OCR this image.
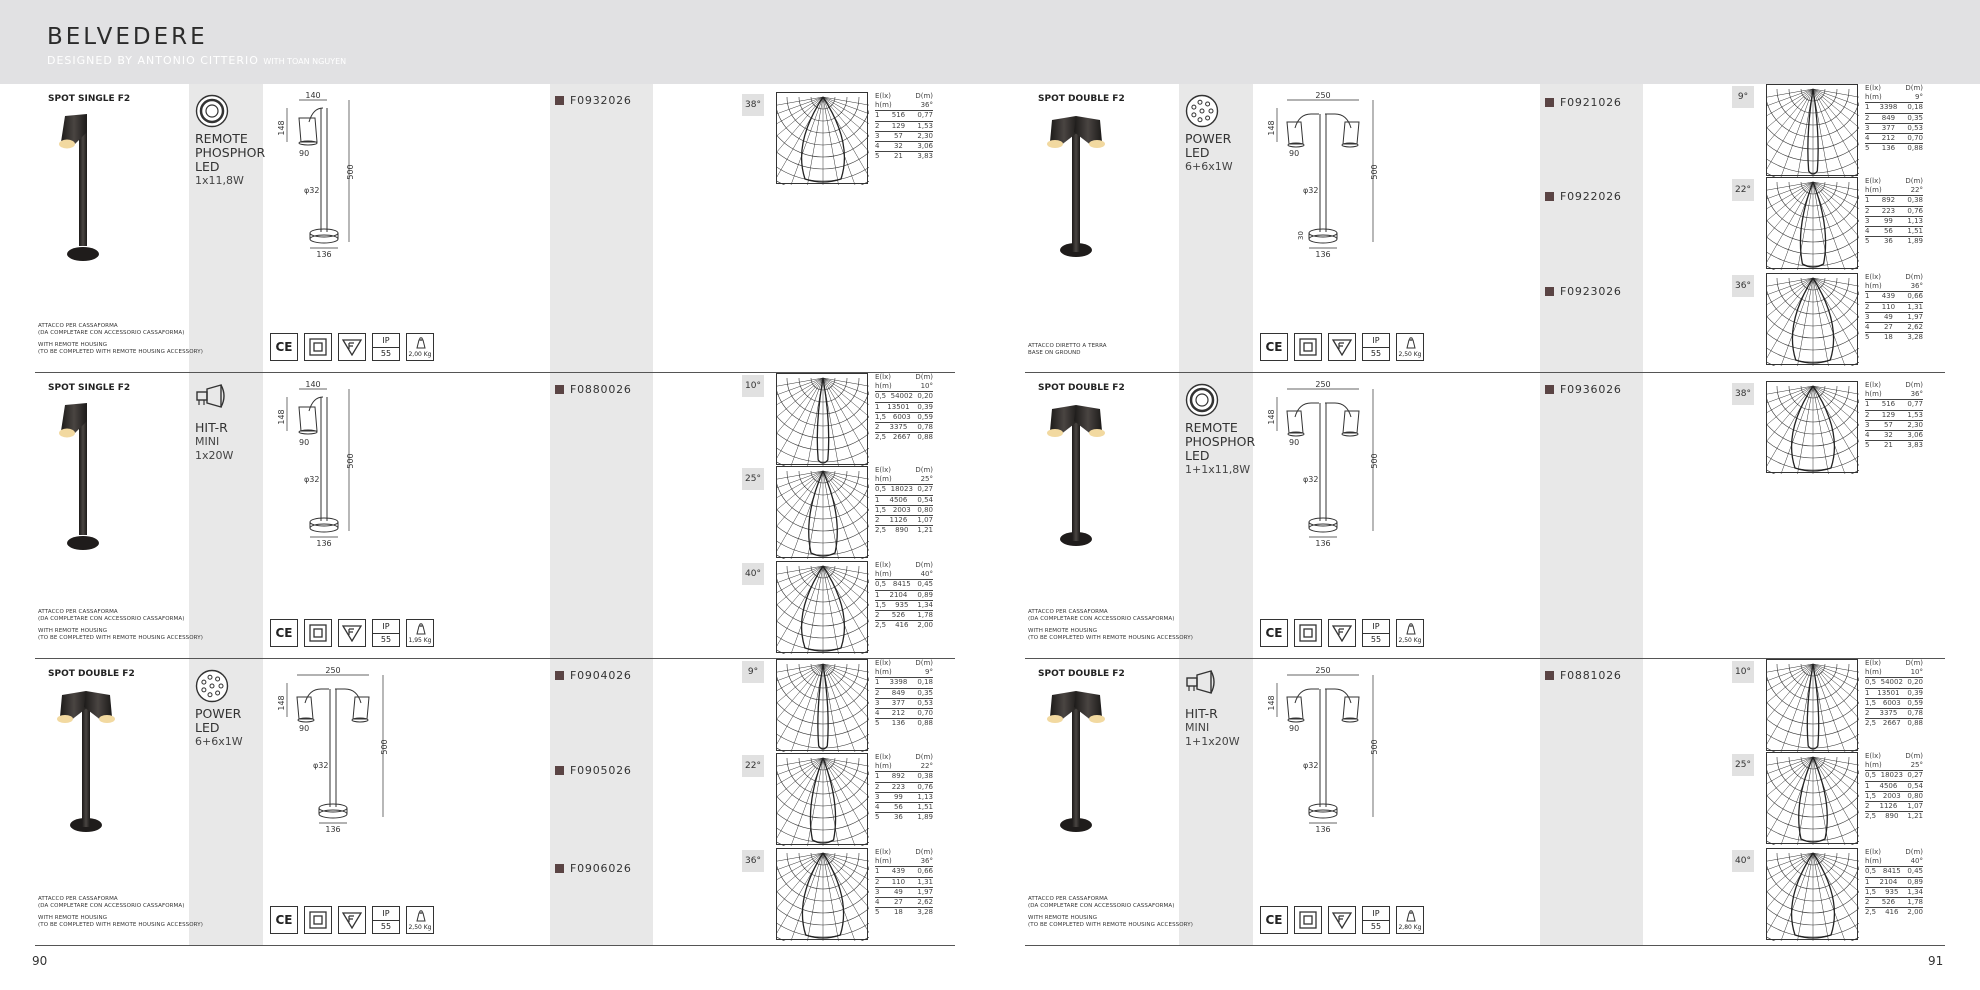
BELVEDERE
DESIGNED BY ANTONIO CITTERIO WITH TOAN NGUYEN
SPOT SINGLE F2
REMOTE
PHOSPHOR
LED
1x11,8W
140
148
90
φ32
136
500
ATTACCO PER CASSAFORMA
(DA COMPLETARE CON ACCESSORIO CASSAFORMA)
WITH REMOTE HOUSING
(TO BE COMPLETED WITH REMOTE HOUSING ACCESSORY)	CE	IP
55	2,00 Kg
F0932026	38°
E(lx)	D(m)
h(m)	36°
1 516 0,77
2 129 1,53
3 57 2,30
4 32 3,06
5 21 3,83
SPOT SINGLE F2
HIT-R
MINI
1x20W
140
148
90
φ32
136
500
ATTACCO PER CASSAFORMA
(DA COMPLETARE CON ACCESSORIO CASSAFORMA)
WITH REMOTE HOUSING
(TO BE COMPLETED WITH REMOTE HOUSING ACCESSORY)	CE	IP
55	1,95 Kg
F0880026	10°
E(lx)	D(m)
h(m)	10°
0,5 54002 0,20
1 13501 0,39
1,5 6003 0,59
2 3375 0,78
2,5 2667 0,88
25°
E(lx)	D(m)
h(m)	25°
0,5 18023 0,27
1 4506 0,54
1,5 2003 0,80
2 1126 1,07
2,5 890 1,21
40°
E(lx)	D(m)
h(m)	40°
0,5 8415 0,45
1 2104 0,89
1,5 935 1,34
2 526 1,78
2,5 416 2,00
SPOT DOUBLE F2
POWER
LED
6+6x1W
250
148
90
φ32
136
500
ATTACCO PER CASSAFORMA
(DA COMPLETARE CON ACCESSORIO CASSAFORMA)
WITH REMOTE HOUSING
(TO BE COMPLETED WITH REMOTE HOUSING ACCESSORY)	CE	IP
55	2,50 Kg
F0904026	9°
E(lx)	D(m)
h(m)	9°
1 3398 0,18
2 849 0,35
3 377 0,53
4 212 0,70
5 136 0,88
F0905026	22°
E(lx)	D(m)
h(m)	22°
1 892 0,38
2 223 0,76
3 99 1,13
4 56 1,51
5 36 1,89
F0906026
36°
E(lx)	D(m)
h(m)	36°
1 439 0,66
2 110 1,31
3 49 1,97
4 27 2,62
5 18 3,28
SPOT DOUBLE F2
POWER
LED
6+6x1W
250
148
90
φ32
30
136
500
ATTACCO DIRETTO A TERRA
BASE ON GROUND	CE	IP
55	2,50 Kg
F0921026	9°
E(lx)	D(m)
h(m)	9°
1 3398 0,18
2 849 0,35
3 377 0,53
4 212 0,70
5 136 0,88
F0922026	22°
E(lx)	D(m)
h(m)	22°
1 892 0,38
2 223 0,76
3 99 1,13
4 56 1,51
5 36 1,89
F0923026	36°
E(lx)	D(m)
h(m)	36°
1 439 0,66
2 110 1,31
3 49 1,97
4 27 2,62
5 18 3,28
SPOT DOUBLE F2
REMOTE
PHOSPHOR
LED
1+1x11,8W
250
148
90
φ32
136
500
ATTACCO PER CASSAFORMA
(DA COMPLETARE CON ACCESSORIO CASSAFORMA)
WITH REMOTE HOUSING
(TO BE COMPLETED WITH REMOTE HOUSING ACCESSORY)	CE	IP
55	2,50 Kg
F0936026	38°
E(lx)	D(m)
h(m)	36°
1 516 0,77
2 129 1,53
3 57 2,30
4 32 3,06
5 21 3,83
SPOT DOUBLE F2
HIT-R
MINI
1+1x20W
250
148
90
φ32
136
500
ATTACCO PER CASSAFORMA
(DA COMPLETARE CON ACCESSORIO CASSAFORMA)
WITH REMOTE HOUSING
(TO BE COMPLETED WITH REMOTE HOUSING ACCESSORY)	CE	IP
55	2,80 Kg
F0881026	10°
E(lx)	D(m)
h(m)	10°
0,5 54002 0,20
1 13501 0,39
1,5 6003 0,59
2 3375 0,78
2,5 2667 0,88
25°
E(lx)	D(m)
h(m)	25°
0,5 18023 0,27
1 4506 0,54
1,5 2003 0,80
2 1126 1,07
2,5 890 1,21
40°
E(lx)	D(m)
h(m)	40°
0,5 8415 0,45
1 2104 0,89
1,5 935 1,34
2 526 1,78
2,5 416 2,00
90	91
